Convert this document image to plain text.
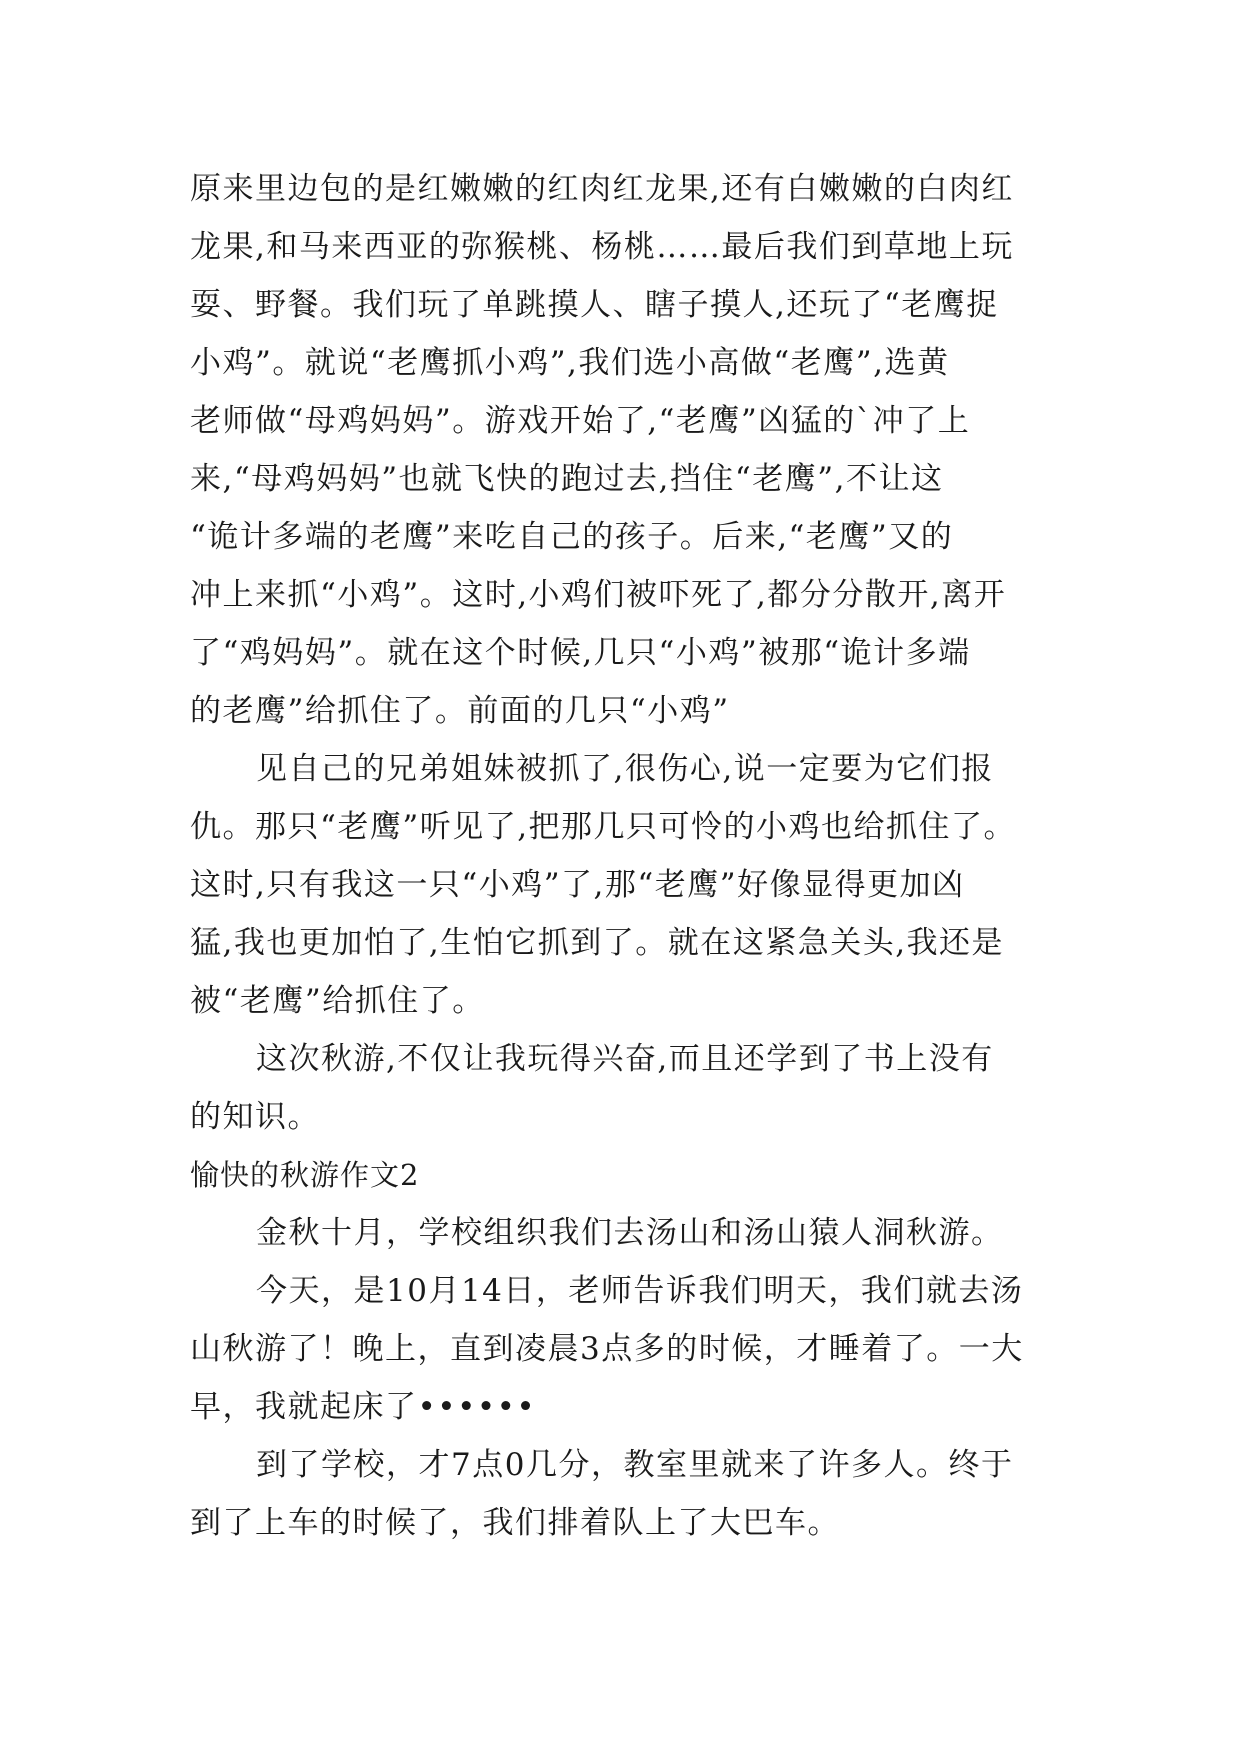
原来里边包的是红嫩嫩的红肉红龙果,还有白嫩嫩的白肉红
龙果,和马来西亚的弥猴桃、杨桃……最后我们到草地上玩
耍、野餐。我们玩了单跳摸人、瞎子摸人,还玩了“老鹰捉
小鸡”。就说“老鹰抓小鸡”,我们选小高做“老鹰”,选黄
老师做“母鸡妈妈”。游戏开始了,“老鹰”凶猛的`冲了上
来,“母鸡妈妈”也就飞快的跑过去,挡住“老鹰”,不让这
“诡计多端的老鹰”来吃自己的孩子。后来,“老鹰”又的
冲上来抓“小鸡”。这时,小鸡们被吓死了,都分分散开,离开
了“鸡妈妈”。就在这个时候,几只“小鸡”被那“诡计多端
的老鹰”给抓住了。前面的几只“小鸡”
见自己的兄弟姐妹被抓了,很伤心,说一定要为它们报
仇。那只“老鹰”听见了,把那几只可怜的小鸡也给抓住了。
这时,只有我这一只“小鸡”了,那“老鹰”好像显得更加凶
猛,我也更加怕了,生怕它抓到了。就在这紧急关头,我还是
被“老鹰”给抓住了。
这次秋游,不仅让我玩得兴奋,而且还学到了书上没有
的知识。
愉快的秋游作文2
金秋十月，学校组织我们去汤山和汤山猿人洞秋游。
今天，是10月14日，老师告诉我们明天，我们就去汤
山秋游了！晚上，直到凌晨3点多的时候，才睡着了。一大
早，我就起床了••••••
到了学校，才7点0几分，教室里就来了许多人。终于
到了上车的时候了，我们排着队上了大巴车。
